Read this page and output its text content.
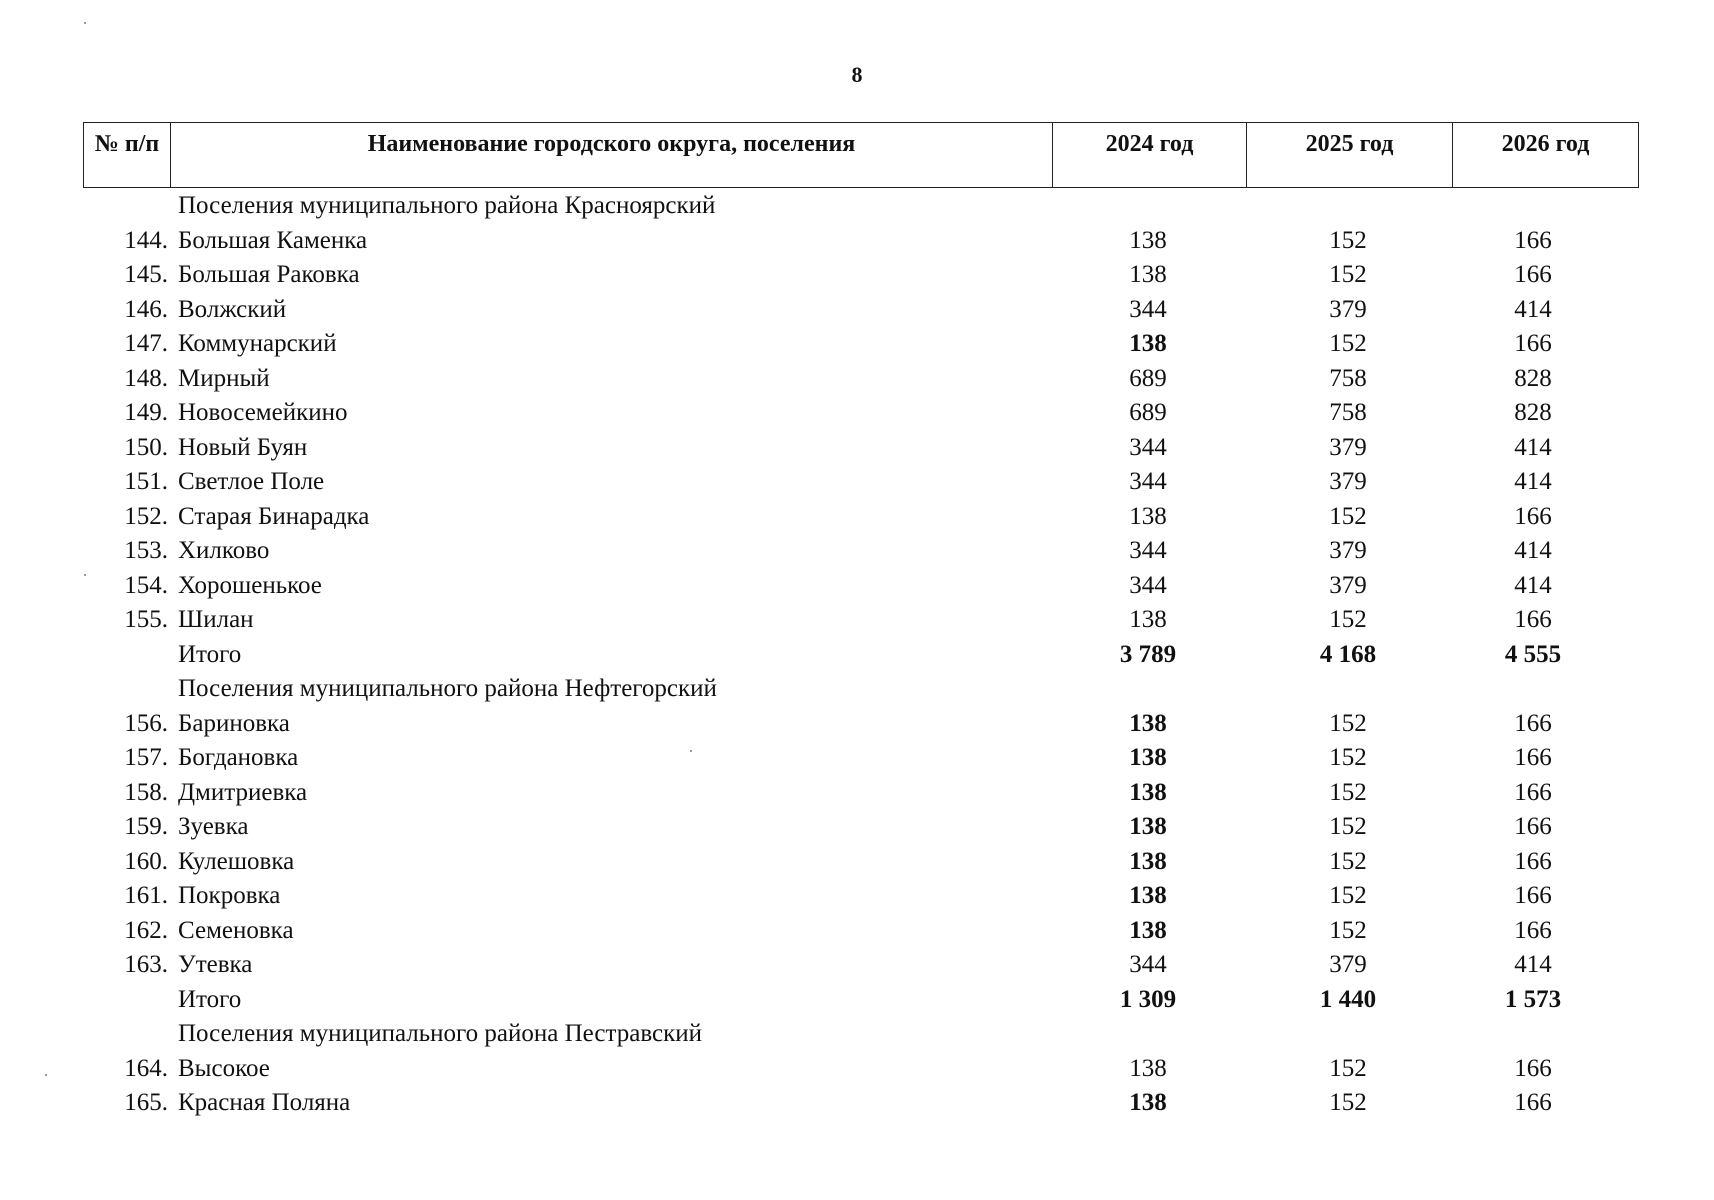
8
№ п/п	Наименование городского округа, поселения	2024 год	2025 год	2026 год
Поселения муниципального района Красноярский
144. Большая Каменка	138	152	166
145. Большая Раковка	138	152	166
146. Волжский	344	379	414
147. Коммунарский	138	152	166
148. Мирный	689	758	828
149. Новосемейкино	689	758	828
150. Новый Буян	344	379	414
151. Светлое Поле	344	379	414
152. Старая Бинарадка	138	152	166
153. Хилково	344	379	414
154. Хорошенькое	344	379	414
155. Шилан	138	152	166
Итого	3 789	4 168	4 555
Поселения муниципального района Нефтегорский
156. Бариновка	138	152	166
157. Богдановка	138	152	166
158. Дмитриевка	138	152	166
159. Зуевка	138	152	166
160. Кулешовка	138	152	166
161. Покровка	138	152	166
162. Семеновка	138	152	166
163. Утевка	344	379	414
Итого	1 309	1 440	1 573
Поселения муниципального района Пестравский
164. Высокое	138	152	166
165. Красная Поляна	138	152	166
